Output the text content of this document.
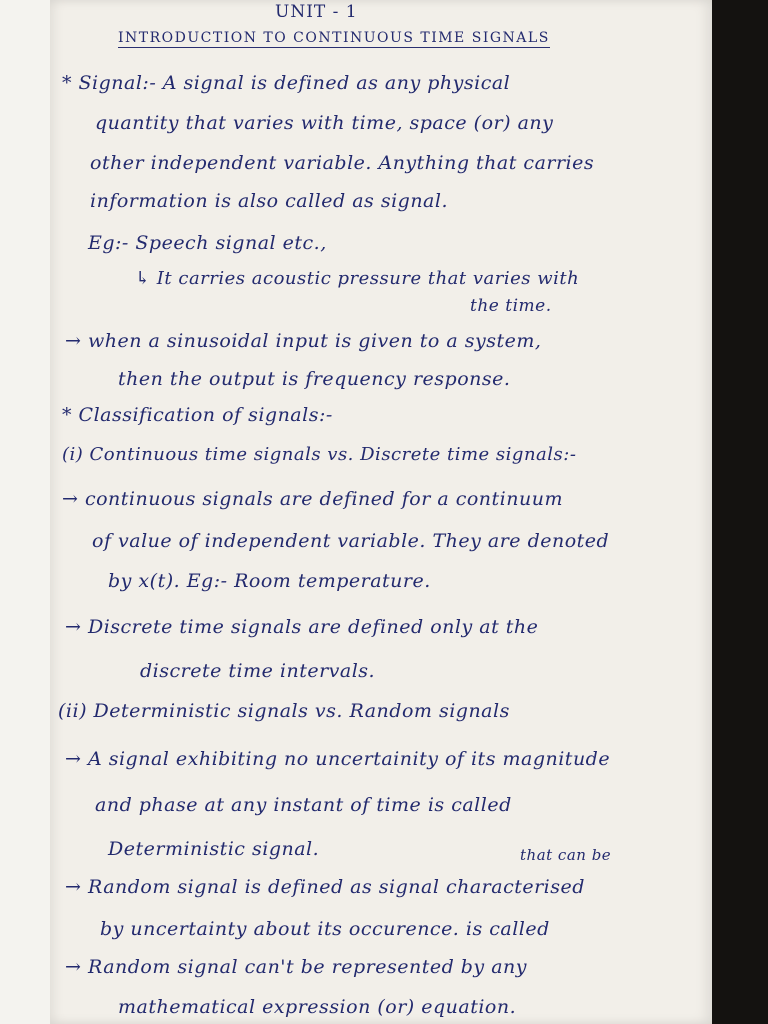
UNIT - 1
INTRODUCTION TO CONTINUOUS TIME SIGNALS
* Signal:- A signal is defined as any physical
quantity that varies with time, space (or) any
other independent variable. Anything that carries
information is also called as signal.
Eg:- Speech signal etc.,
↳ It carries acoustic pressure that varies with
the time.
→ when a sinusoidal input is given to a system,
then the output is frequency response.
* Classification of signals:-
(i) Continuous time signals vs. Discrete time signals:-
→ continuous signals are defined for a continuum
of value of independent variable. They are denoted
by x(t). Eg:- Room temperature.
→ Discrete time signals are defined only at the
discrete time intervals.
(ii) Deterministic signals vs. Random signals
→ A signal exhibiting no uncertainity of its magnitude
and phase at any instant of time is called
Deterministic signal.	that can be
→ Random signal is defined as signal characterised
by uncertainty about its occurence. is called
→ Random signal can't be represented by any
mathematical expression (or) equation.
